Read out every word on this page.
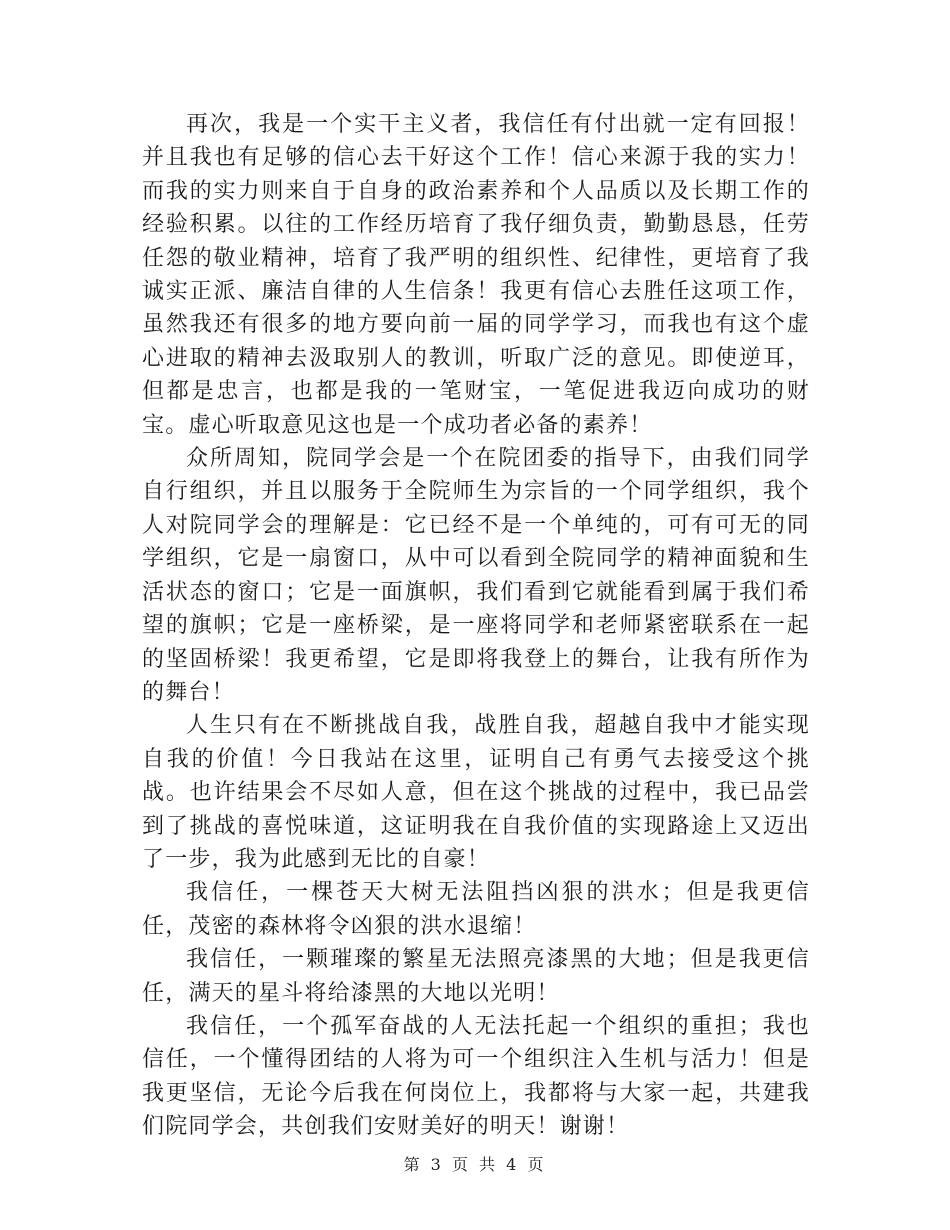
再次，我是一个实干主义者，我信任有付出就一定有回报！并且我也有足够的信心去干好这个工作！信心来源于我的实力！而我的实力则来自于自身的政治素养和个人品质以及长期工作的经验积累。以往的工作经历培育了我仔细负责，勤勤恳恳，任劳任怨的敬业精神，培育了我严明的组织性、纪律性，更培育了我诚实正派、廉洁自律的人生信条！我更有信心去胜任这项工作，虽然我还有很多的地方要向前一届的同学学习，而我也有这个虚心进取的精神去汲取别人的教训，听取广泛的意见。即使逆耳，但都是忠言，也都是我的一笔财宝，一笔促进我迈向成功的财宝。虚心听取意见这也是一个成功者必备的素养！

众所周知，院同学会是一个在院团委的指导下，由我们同学自行组织，并且以服务于全院师生为宗旨的一个同学组织，我个人对院同学会的理解是：它已经不是一个单纯的，可有可无的同学组织，它是一扇窗口，从中可以看到全院同学的精神面貌和生活状态的窗口；它是一面旗帜，我们看到它就能看到属于我们希望的旗帜；它是一座桥梁，是一座将同学和老师紧密联系在一起的坚固桥梁！我更希望，它是即将我登上的舞台，让我有所作为的舞台！

人生只有在不断挑战自我，战胜自我，超越自我中才能实现自我的价值！今日我站在这里，证明自己有勇气去接受这个挑战。也许结果会不尽如人意，但在这个挑战的过程中，我已品尝到了挑战的喜悦味道，这证明我在自我价值的实现路途上又迈出了一步，我为此感到无比的自豪！

我信任，一棵苍天大树无法阻挡凶狠的洪水；但是我更信任，茂密的森林将令凶狠的洪水退缩！

我信任，一颗璀璨的繁星无法照亮漆黑的大地；但是我更信任，满天的星斗将给漆黑的大地以光明！

我信任，一个孤军奋战的人无法托起一个组织的重担；我也信任，一个懂得团结的人将为可一个组织注入生机与活力！但是我更坚信，无论今后我在何岗位上，我都将与大家一起，共建我们院同学会，共创我们安财美好的明天！谢谢！

第 3 页 共 4 页
